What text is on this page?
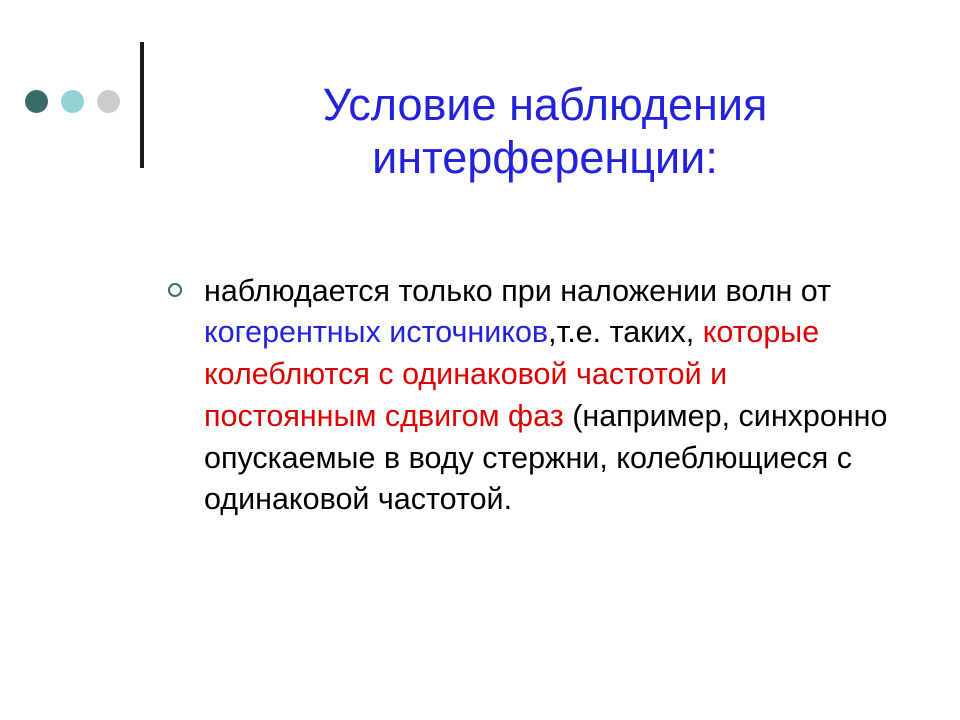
Условие наблюдения интерференции:

наблюдается только при наложении волн от когерентных источников,т.е. таких, которые колеблются с одинаковой частотой и постоянным сдвигом фаз (например, синхронно опускаемые в воду стержни, колеблющиеся с одинаковой частотой.
